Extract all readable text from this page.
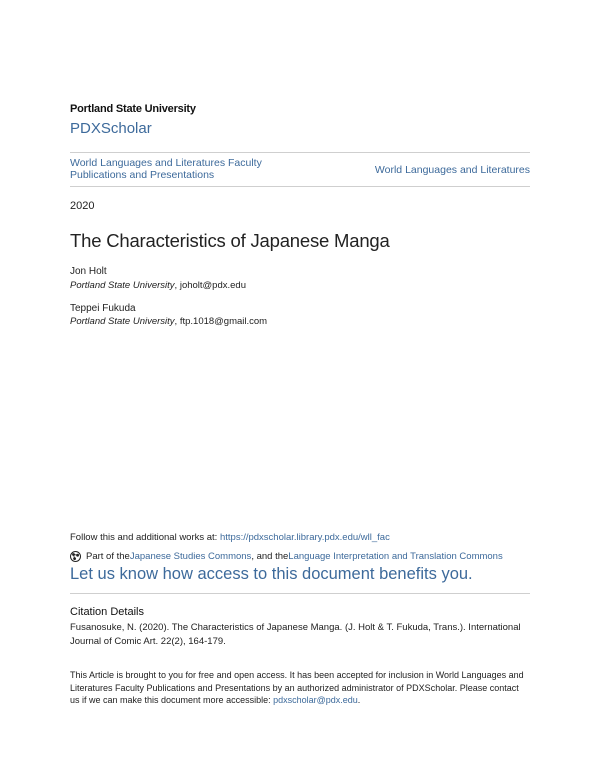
Portland State University
PDXScholar
World Languages and Literatures Faculty Publications and Presentations	World Languages and Literatures
2020
The Characteristics of Japanese Manga
Jon Holt
Portland State University, joholt@pdx.edu
Teppei Fukuda
Portland State University, ftp.1018@gmail.com
Follow this and additional works at: https://pdxscholar.library.pdx.edu/wll_fac
Part of the Japanese Studies Commons , and the Language Interpretation and Translation Commons
Let us know how access to this document benefits you.
Citation Details
Fusanosuke, N. (2020). The Characteristics of Japanese Manga. (J. Holt & T. Fukuda, Trans.). International Journal of Comic Art. 22(2), 164-179.
This Article is brought to you for free and open access. It has been accepted for inclusion in World Languages and Literatures Faculty Publications and Presentations by an authorized administrator of PDXScholar. Please contact us if we can make this document more accessible: pdxscholar@pdx.edu.
